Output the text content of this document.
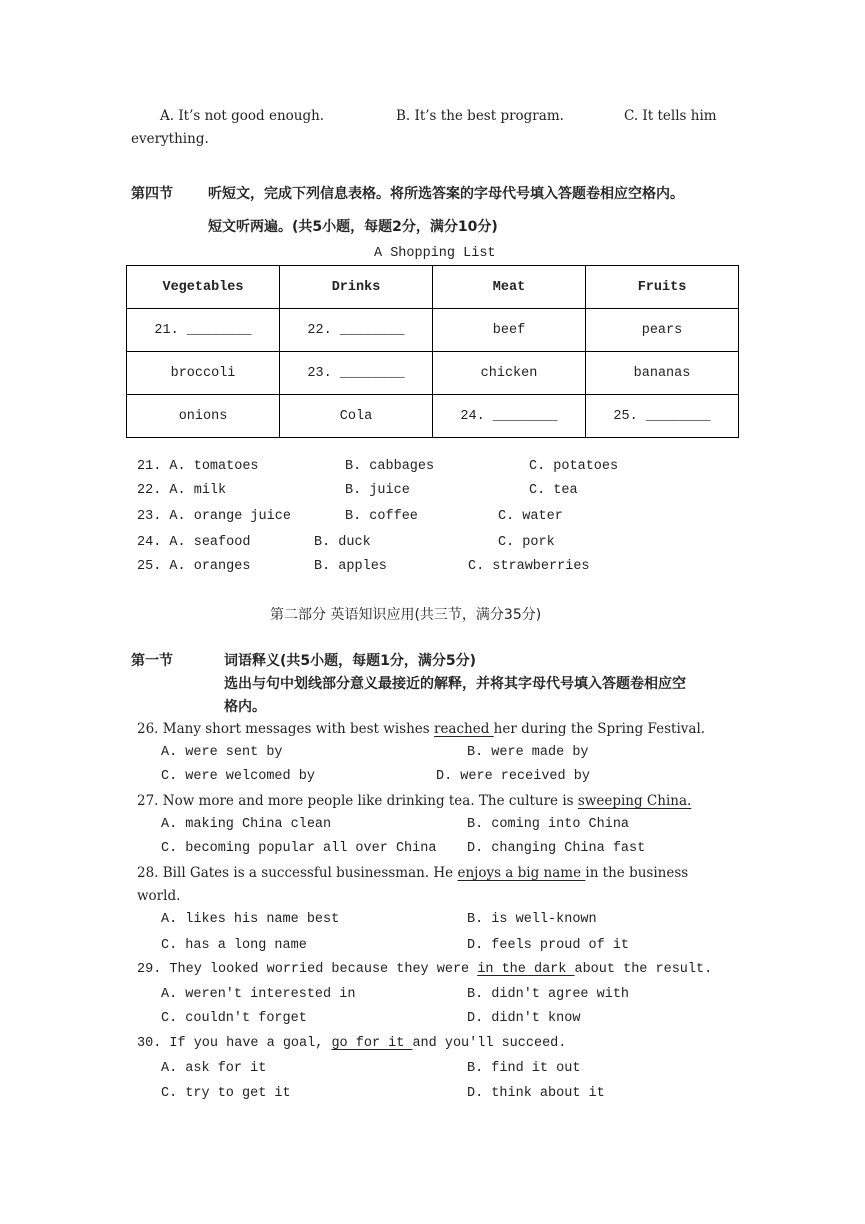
A. It’s not good enough.	B. It’s the best program.	C. It tells him
everything.
第四节	听短文，完成下列信息表格。将所选答案的字母代号填入答题卷相应空格内。
短文听两遍。(共5小题，每题2分，满分10分)
A Shopping List
Vegetables	Drinks	Meat	Fruits
21. ________	22. ________	beef	pears
broccoli	23. ________	chicken	bananas
onions	Cola	24. ________	25. ________
21. A. tomatoes	B. cabbages	C. potatoes
22. A. milk	B. juice	C. tea
23. A. orange juice	B. coffee	C. water
24. A. seafood	B. duck	C. pork
25. A. oranges	B. apples	C. strawberries
第二部分 英语知识应用(共三节，满分35分)
第一节	词语释义(共5小题，每题1分，满分5分)
选出与句中划线部分意义最接近的解释，并将其字母代号填入答题卷相应空
格内。
26. Many short messages with best wishes reached her during the Spring Festival.
A. were sent by	B. were made by
C. were welcomed by	D. were received by
27. Now more and more people like drinking tea. The culture is sweeping China.
A. making China clean	B. coming into China
C. becoming popular all over China D. changing China fast
28. Bill Gates is a successful businessman. He enjoys a big name in the business
world.
A. likes his name best	B. is well-known
C. has a long name	D. feels proud of it
29. They looked worried because they were in the dark about the result.
A. weren't interested in	B. didn't agree with
C. couldn't forget	D. didn't know
30. If you have a goal, go for it and you'll succeed.
A. ask for it	B. find it out
C. try to get it	D. think about it
